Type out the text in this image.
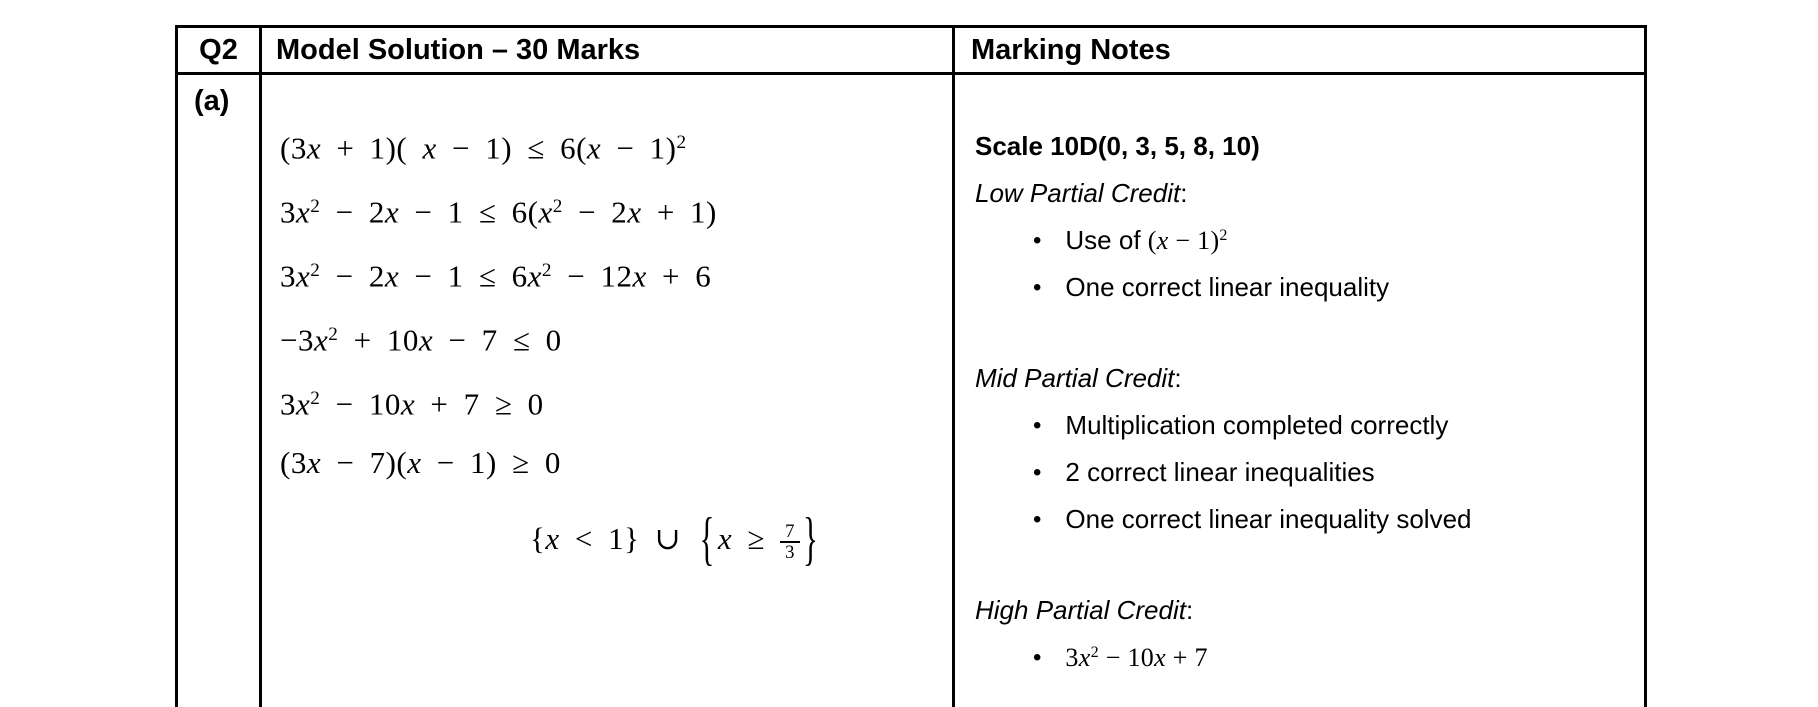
Q2	Model Solution – 30 Marks	Marking Notes
(a)
(3x + 1)( $x - 1) \le 6(x - 1)^2$
$3x^2 - 2x - 1 \le 6(x^2 - 2x + 1)$
$3x^2 - 2x - 1 \le 6x^2 - 12x + 6$
$-3x^2 + 10x - 7 \le 0$
$3x^2 - 10x + 7 \ge 0$
(3x − 7)(x − 1) ≥ 0
{x < 1} ∪ {$x \ge \frac{7}{3}$ }
Scale 10D(0, 3, 5, 8, 10)
Low Partial Credit:
• Use of $(x - 1)^2$
• One correct linear inequality
Mid Partial Credit:
• Multiplication completed correctly
• 2 correct linear inequalities
• One correct linear inequality solved
High Partial Credit:
• $3x^2 - 10x + 7$
